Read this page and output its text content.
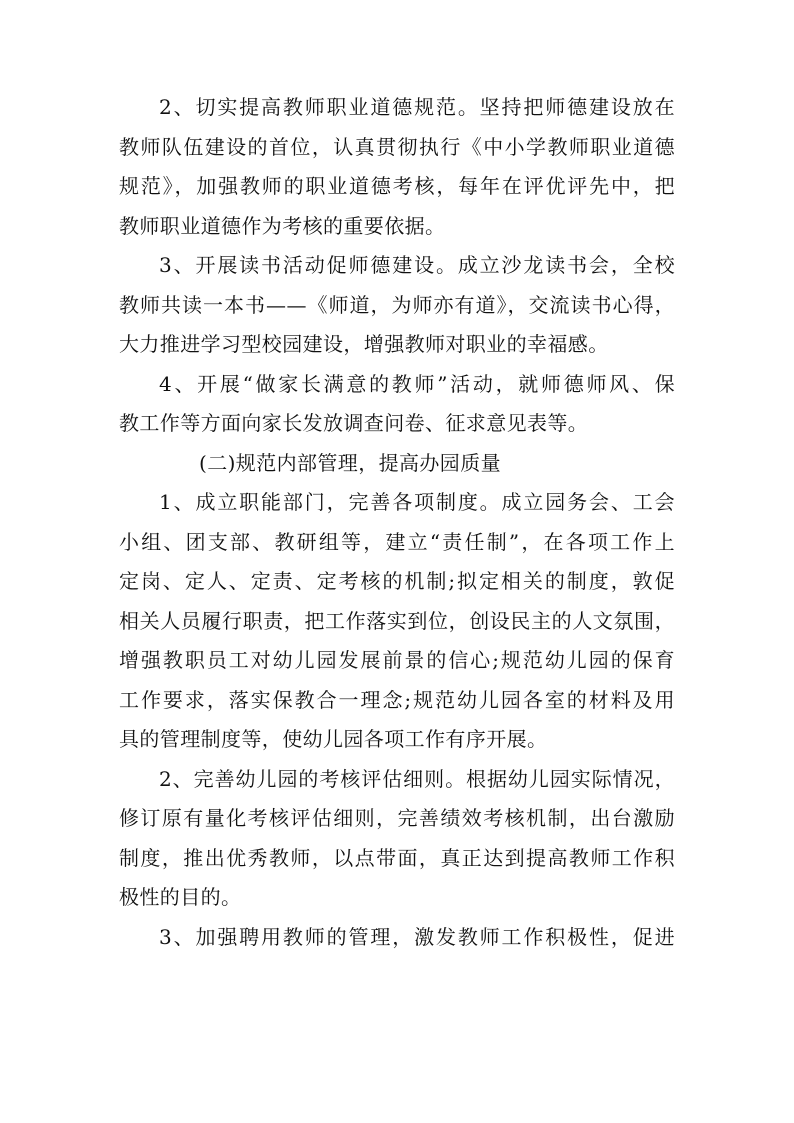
2、切实提高教师职业道德规范。坚持把师德建设放在
教师队伍建设的首位，认真贯彻执行《中小学教师职业道德
规范》，加强教师的职业道德考核，每年在评优评先中，把
教师职业道德作为考核的重要依据。
3、开展读书活动促师德建设。成立沙龙读书会，全校
教师共读一本书——《师道，为师亦有道》，交流读书心得，
大力推进学习型校园建设，增强教师对职业的幸福感。
4、开展“做家长满意的教师”活动，就师德师风、保
教工作等方面向家长发放调查问卷、征求意见表等。
(二)规范内部管理，提高办园质量
1、成立职能部门，完善各项制度。成立园务会、工会
小组、团支部、教研组等，建立“责任制”，在各项工作上
定岗、定人、定责、定考核的机制;拟定相关的制度，敦促
相关人员履行职责，把工作落实到位，创设民主的人文氛围，
增强教职员工对幼儿园发展前景的信心;规范幼儿园的保育
工作要求，落实保教合一理念;规范幼儿园各室的材料及用
具的管理制度等，使幼儿园各项工作有序开展。
2、完善幼儿园的考核评估细则。根据幼儿园实际情况，
修订原有量化考核评估细则，完善绩效考核机制，出台激励
制度，推出优秀教师，以点带面，真正达到提高教师工作积
极性的目的。
3、加强聘用教师的管理，激发教师工作积极性，促进
